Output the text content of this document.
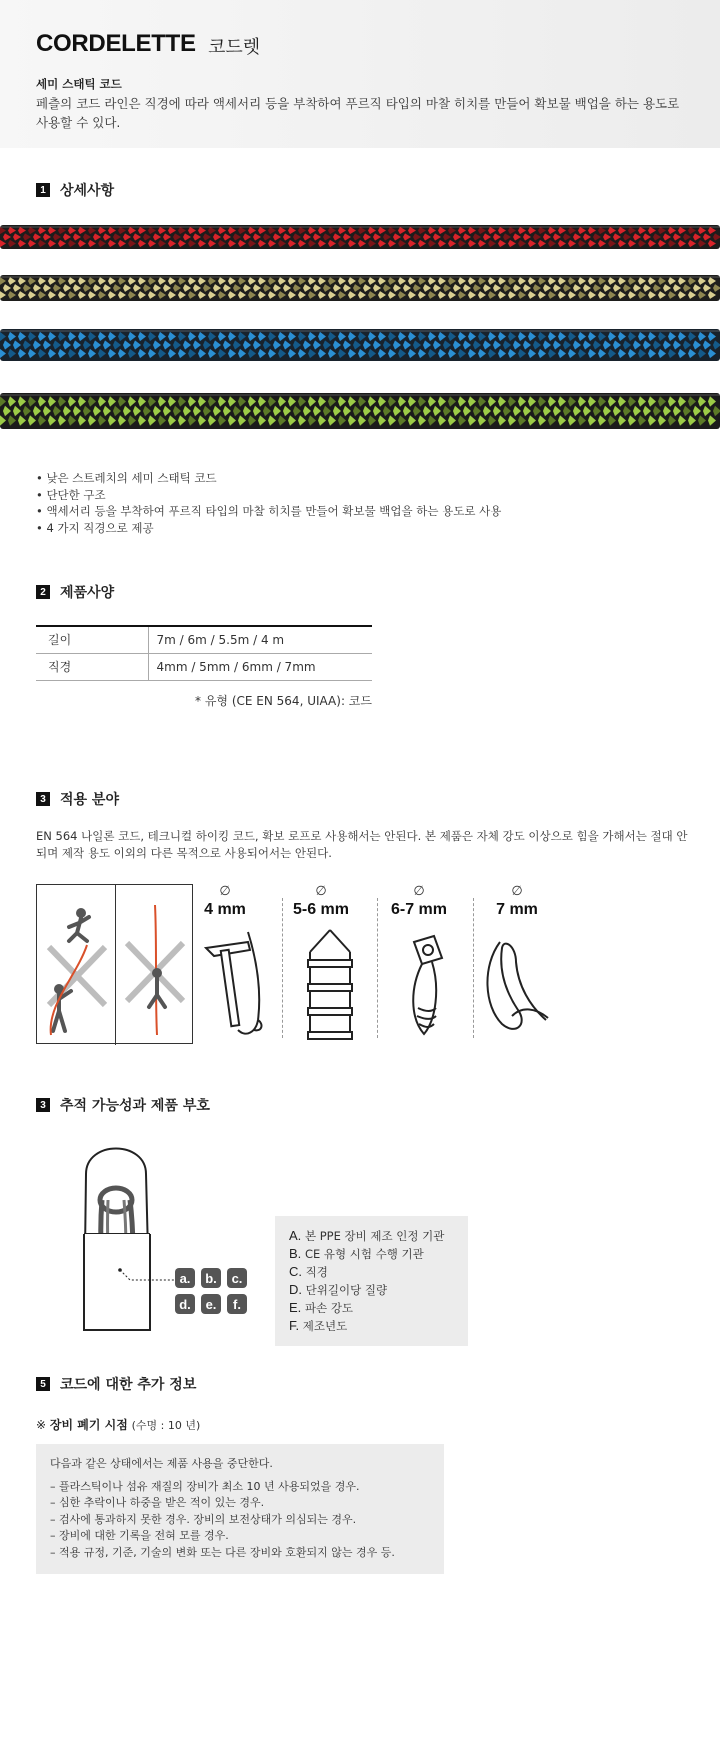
CORDELETTE 코드렛
세미 스태틱 코드
페츨의 코드 라인은 직경에 따라 액세서리 등을 부착하여 푸르직 타입의 마찰 히치를 만들어 확보물 백업을 하는 용도로 사용할 수 있다.
1	상세사항
• 낮은 스트레치의 세미 스태틱 코드
• 단단한 구조
• 액세서리 등을 부착하여 푸르직 타입의 마찰 히치를 만들어 확보물 백업을 하는 용도로 사용
• 4 가지 직경으로 제공
2	제품사양
길이	7m / 6m / 5.5m / 4 m
직경	4mm / 5mm / 6mm / 7mm
* 유형 (CE EN 564, UIAA): 코드
3	적용 분야
EN 564 나일론 코드, 테크니컬 하이킹 코드, 확보 로프로 사용해서는 안된다. 본 제품은 자체 강도 이상으로 힘을 가해서는 절대 안되며 제작 용도 이외의 다른 목적으로 사용되어서는 안된다.
∅
4 mm
∅
5-6 mm
∅
6-7 mm
∅
7 mm
3	추적 가능성과 제품 부호
a.	b.	c.
d.	e.	f.
A. 본 PPE 장비 제조 인정 기관
B. CE 유형 시험 수행 기관
C. 직경
D. 단위길이당 질량
E. 파손 강도
F. 제조년도
5	코드에 대한 추가 정보
※ 장비 폐기 시점 (수명 : 10 년)
다음과 같은 상태에서는 제품 사용을 중단한다.
– 플라스틱이나 섬유 재질의 장비가 최소 10 년 사용되었을 경우.
– 심한 추락이나 하중을 받은 적이 있는 경우.
– 검사에 통과하지 못한 경우. 장비의 보전상태가 의심되는 경우.
– 장비에 대한 기록을 전혀 모를 경우.
– 적용 규정, 기준, 기술의 변화 또는 다른 장비와 호환되지 않는 경우 등.
